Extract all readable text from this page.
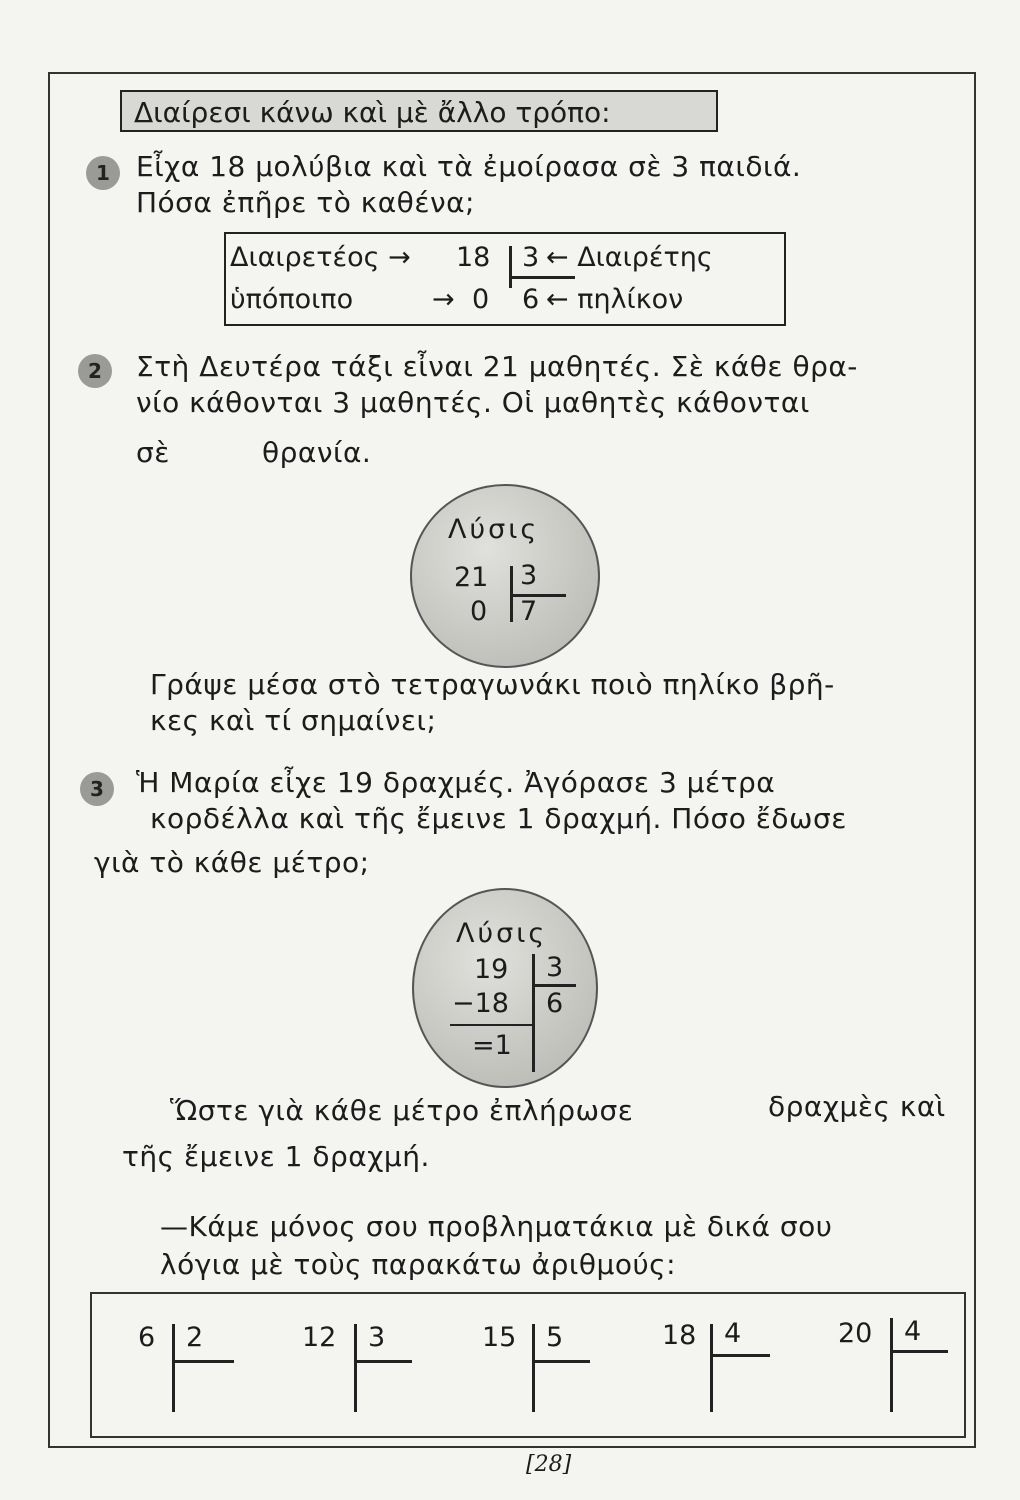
Διαίρεσι κάνω καὶ μὲ ἄλλο τρόπο:
1 Εἶχα 18 μολύβια καὶ τὰ ἐμοίρασα σὲ 3 παιδιά.
Πόσα ἐπῆρε τὸ καθένα;
Διαιρετέος → 18 3 ← Διαιρέτης
ὑπόποιπο	→ 0 6 ← πηλίκον
2	Στὴ Δευτέρα τάξι εἶναι 21 μαθητές. Σὲ κάθε θρα-
νίο κάθονται 3 μαθητές. Οἱ μαθητὲς κάθονται
σὲ	θρανία.
Λύσις
21 3
0 7
Γράψε μέσα στὸ τετραγωνάκι ποιὸ πηλίκο βρῆ-
κες καὶ τί σημαίνει;
3	Ἡ Μαρία εἶχε 19 δραχμές. Ἀγόρασε 3 μέτρα
κορδέλλα καὶ τῆς ἔμεινε 1 δραχμή. Πόσο ἔδωσε
γιὰ τὸ κάθε μέτρο;
Λύσις
19 3
−18 6
=1
Ὥστε γιὰ κάθε μέτρο ἐπλήρωσε	δραχμὲς καὶ
τῆς ἔμεινε 1 δραχμή.
—Κάμε μόνος σου προβληματάκια μὲ δικά σου
λόγια μὲ τοὺς παρακάτω ἀριθμούς:
6 2	12 3	15 5	18 4	20 4
[28]
